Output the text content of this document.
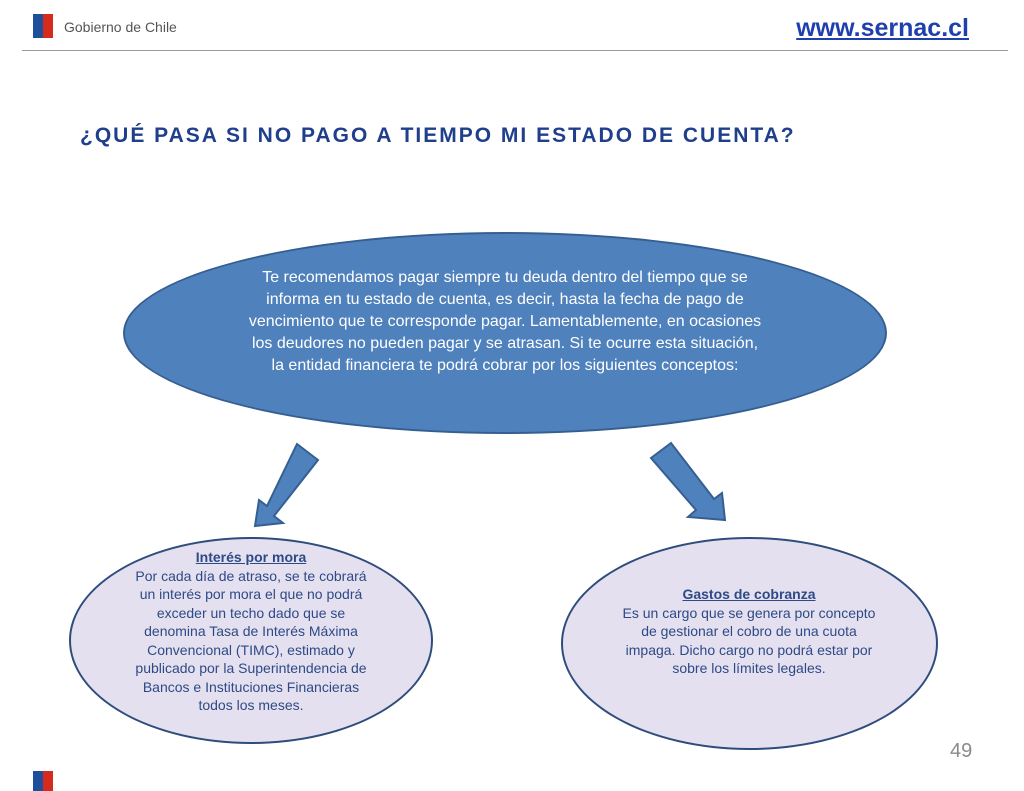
Gobierno de Chile	www.sernac.cl
¿QUÉ PASA SI NO PAGO A TIEMPO MI ESTADO DE CUENTA?
Te recomendamos pagar siempre tu deuda dentro del tiempo que se informa en tu estado de cuenta, es decir, hasta la fecha de pago de vencimiento que te corresponde pagar. Lamentablemente, en ocasiones los deudores no pueden pagar y se atrasan. Si te ocurre esta situación, la entidad financiera te podrá cobrar por los siguientes conceptos:
Interés por mora
Por cada día de atraso, se te cobrará un interés por mora el que no podrá exceder un techo dado que se denomina Tasa de Interés Máxima Convencional (TIMC), estimado y publicado por la Superintendencia de Bancos e Instituciones Financieras todos los meses.
Gastos de cobranza
Es un cargo que se genera por concepto de gestionar el cobro de una cuota impaga. Dicho cargo no podrá estar por sobre los límites legales.
49
